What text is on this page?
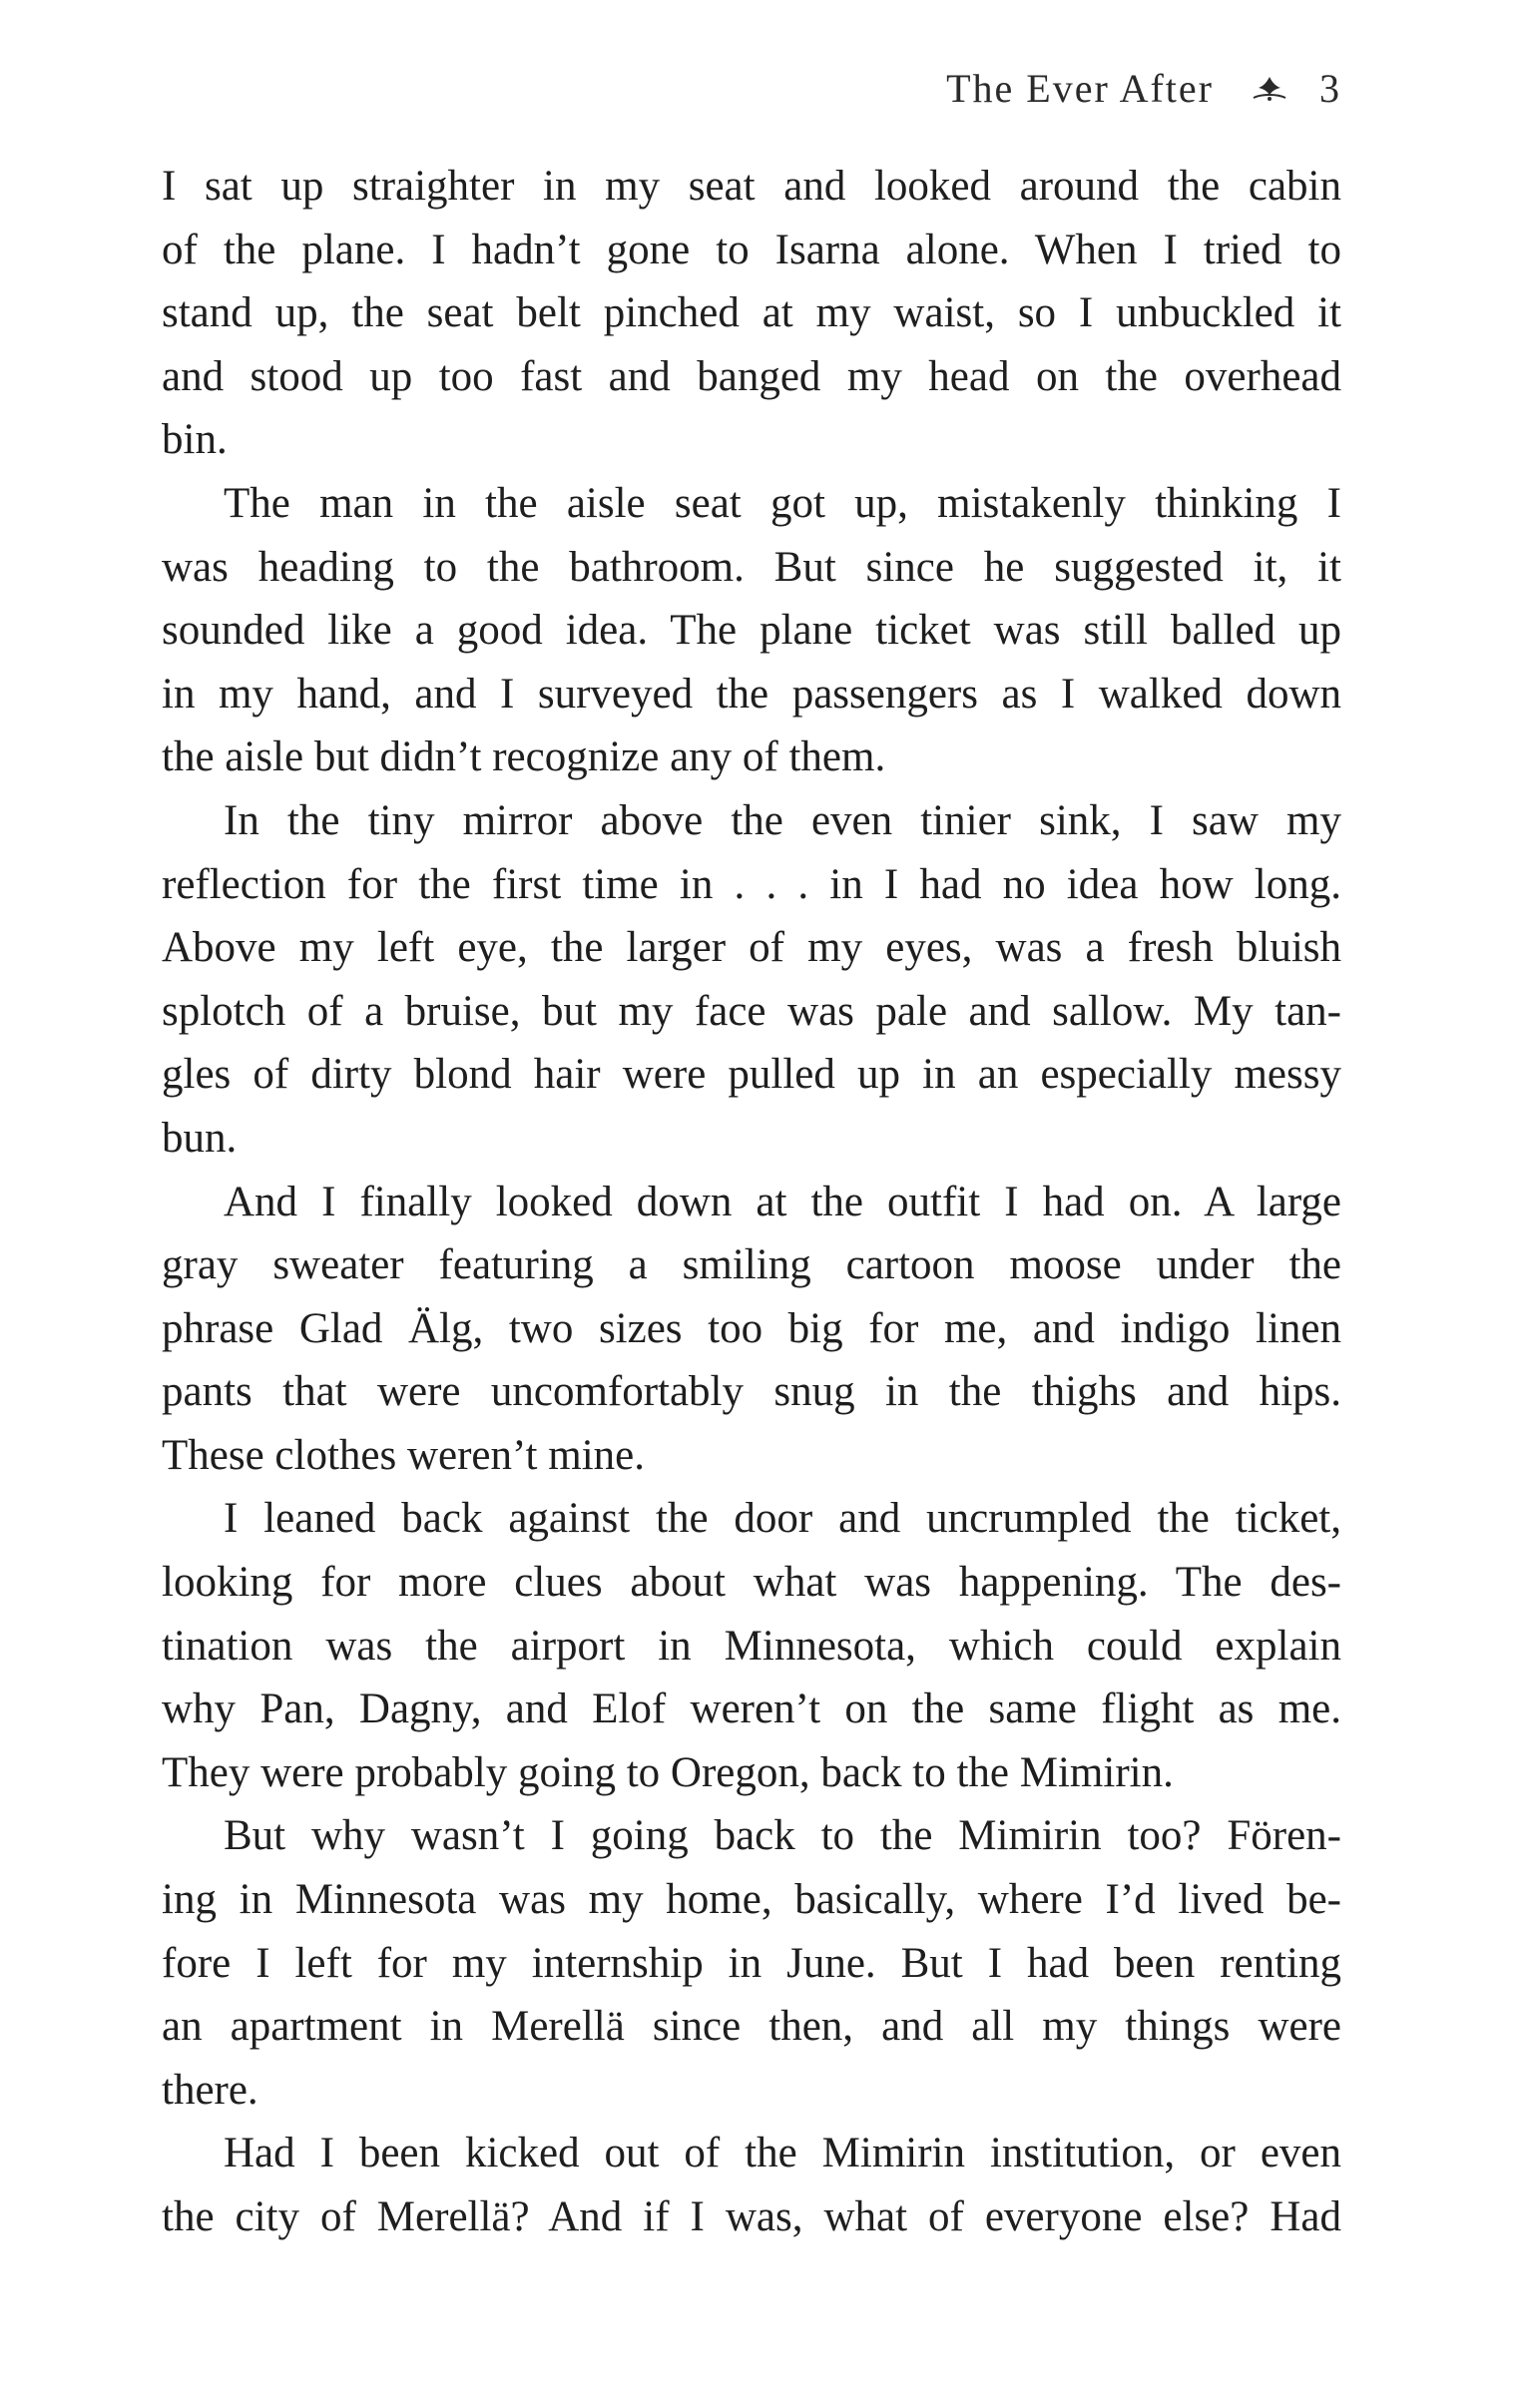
The Ever After	3
I sat up straighter in my seat and looked around the cabin
of the plane. I hadn’t gone to Isarna alone. When I tried to
stand up, the seat belt pinched at my waist, so I unbuckled it
and stood up too fast and banged my head on the overhead
bin.
The man in the aisle seat got up, mistakenly thinking I
was heading to the bathroom. But since he suggested it, it
sounded like a good idea. The plane ticket was still balled up
in my hand, and I surveyed the passengers as I walked down
the aisle but didn’t recognize any of them.
In the tiny mirror above the even tinier sink, I saw my
reflection for the first time in . . . in I had no idea how long.
Above my left eye, the larger of my eyes, was a fresh bluish
splotch of a bruise, but my face was pale and sallow. My tan-
gles of dirty blond hair were pulled up in an especially messy
bun.
And I finally looked down at the outfit I had on. A large
gray sweater featuring a smiling cartoon moose under the
phrase Glad Älg, two sizes too big for me, and indigo linen
pants that were uncomfortably snug in the thighs and hips.
These clothes weren’t mine.
I leaned back against the door and uncrumpled the ticket,
looking for more clues about what was happening. The des-
tination was the airport in Minnesota, which could explain
why Pan, Dagny, and Elof weren’t on the same flight as me.
They were probably going to Oregon, back to the Mimirin.
But why wasn’t I going back to the Mimirin too? Fören-
ing in Minnesota was my home, basically, where I’d lived be-
fore I left for my internship in June. But I had been renting
an apartment in Merellä since then, and all my things were
there.
Had I been kicked out of the Mimirin institution, or even
the city of Merellä? And if I was, what of everyone else? Had
